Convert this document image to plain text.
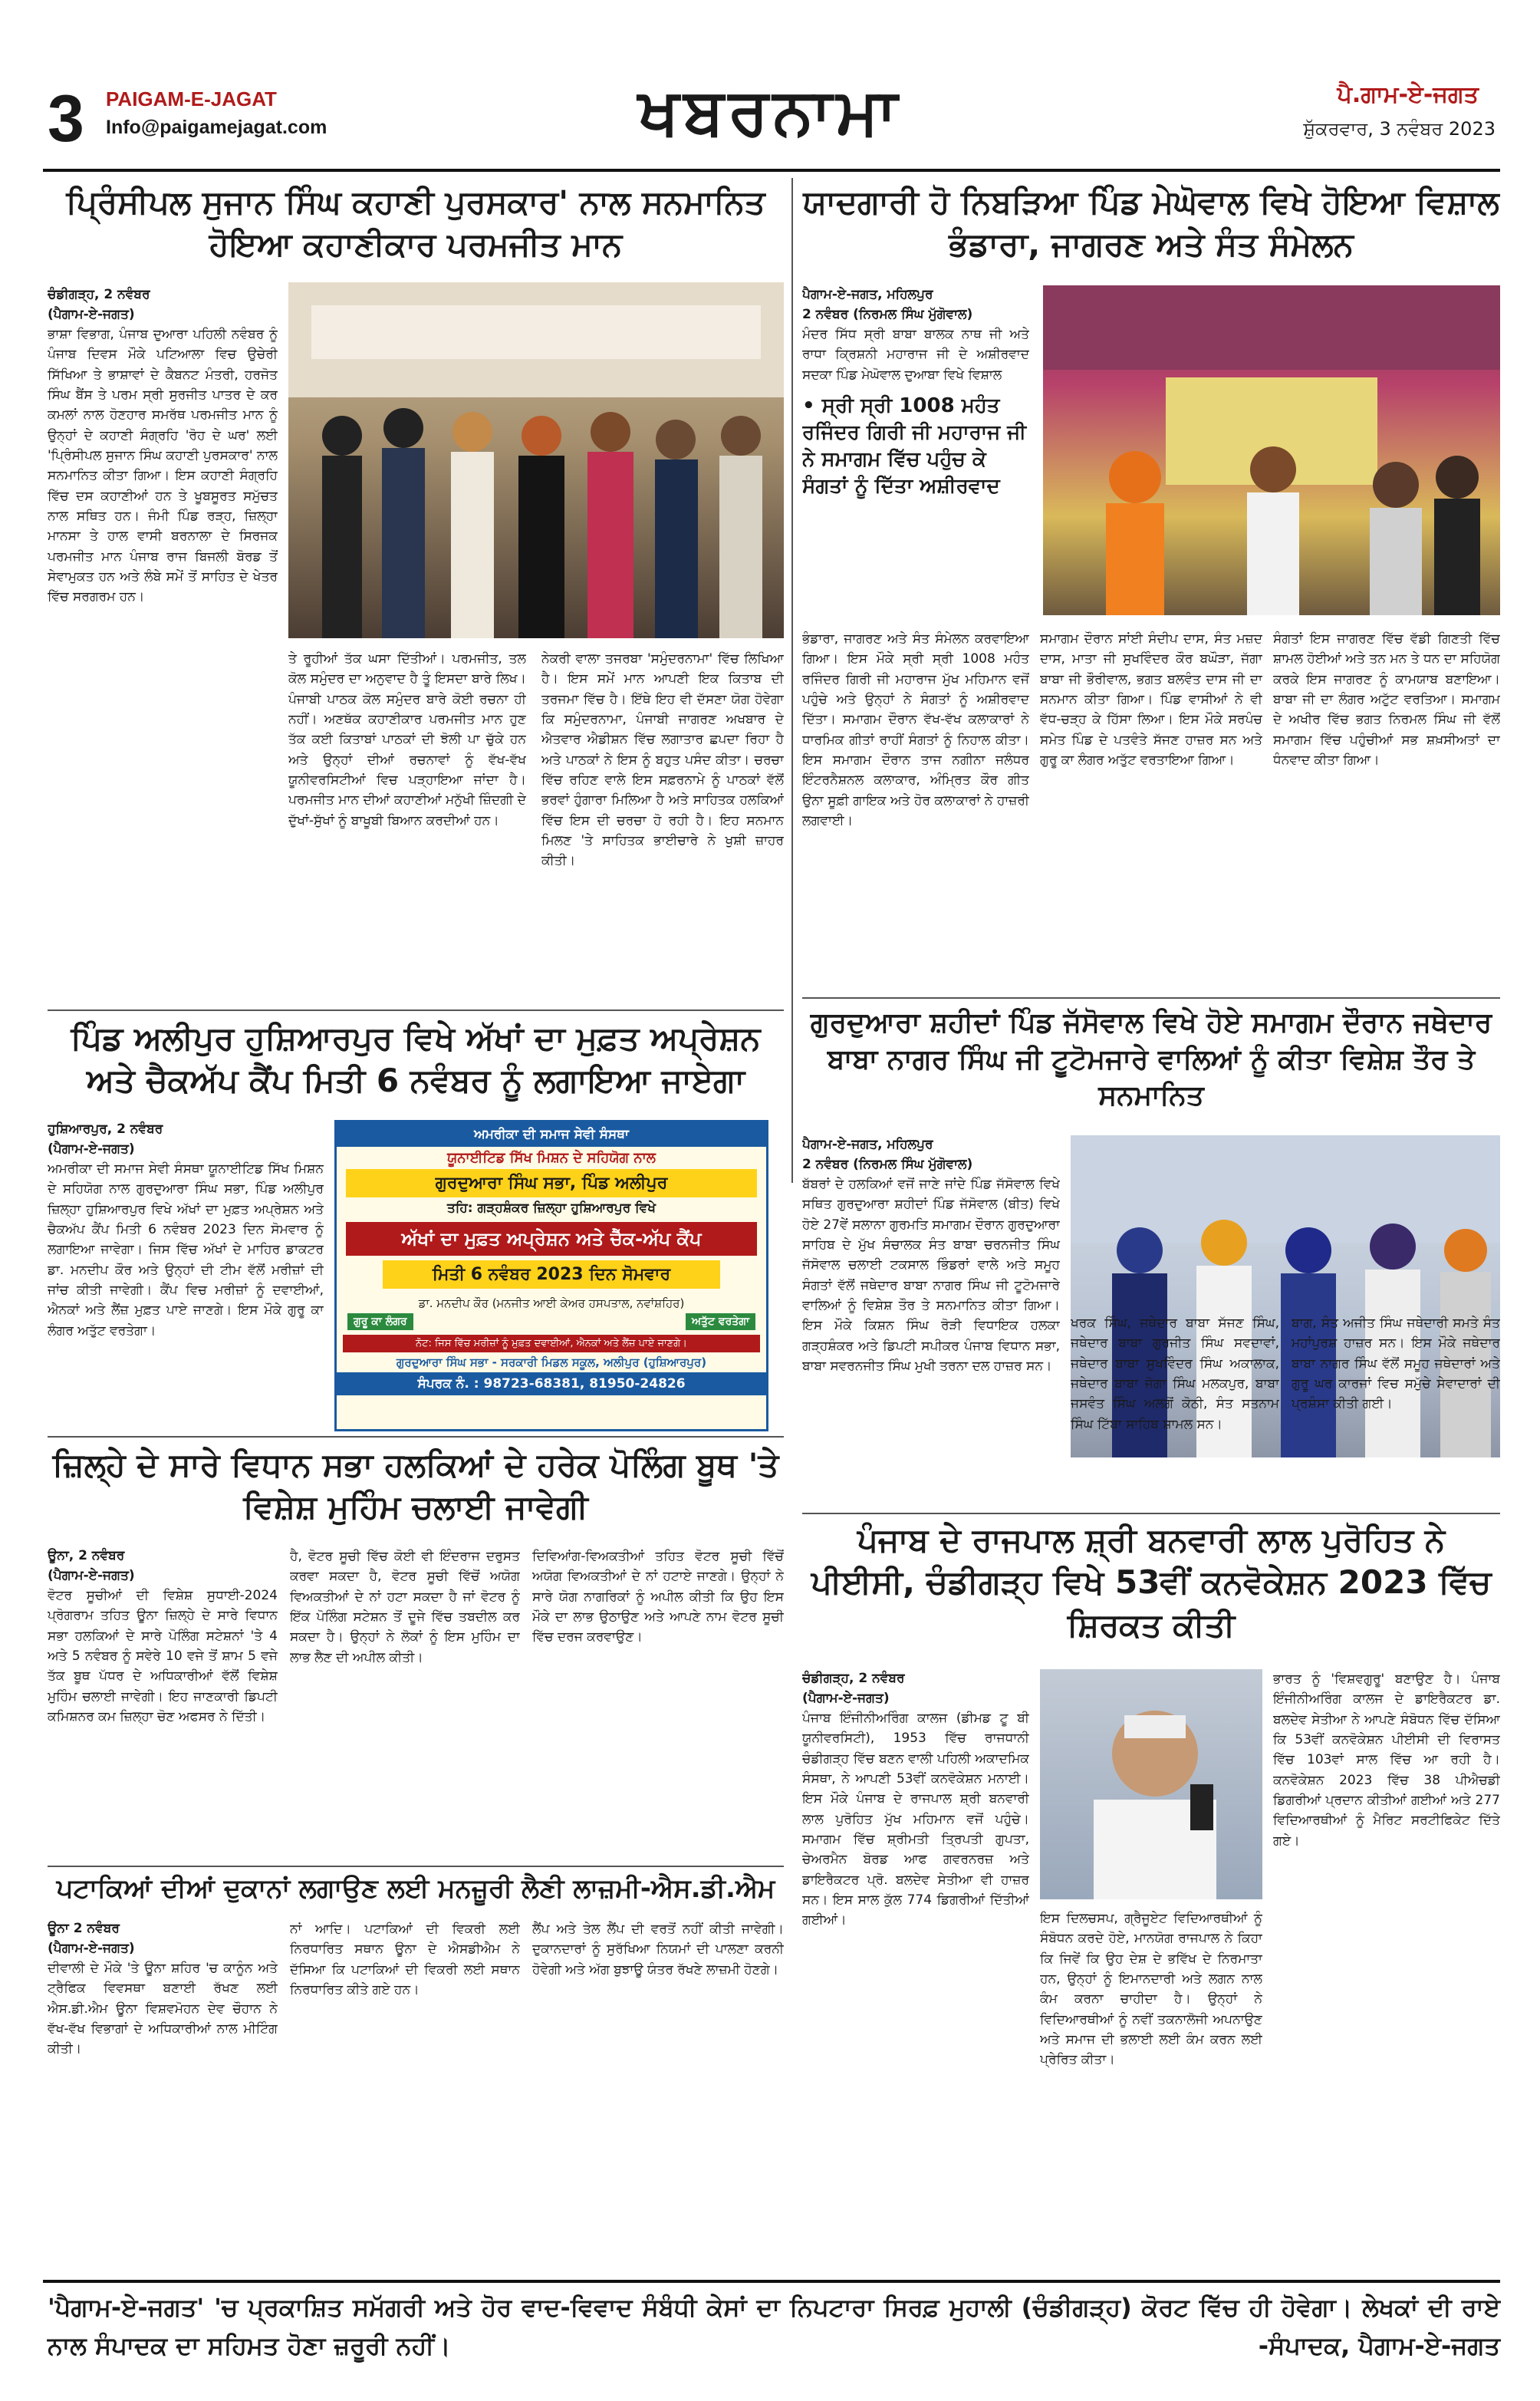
3 PAIGAM-E-JAGAT
Info@paigamejagat.com	ਖਬਰਨਾਮਾ	ਪੈ.ਗਾਮ-ਏ-ਜਗਤ
ਸ਼ੁੱਕਰਵਾਰ, 3 ਨਵੰਬਰ 2023
ਪ੍ਰਿੰਸੀਪਲ ਸੁਜਾਨ ਸਿੰਘ ਕਹਾਣੀ ਪੁਰਸਕਾਰ' ਨਾਲ ਸਨਮਾਨਿਤ ਹੋਇਆ ਕਹਾਣੀਕਾਰ ਪਰਮਜੀਤ ਮਾਨ
ਚੰਡੀਗੜ੍ਹ, 2 ਨਵੰਬਰ
(ਪੈਗਾਮ-ਏ-ਜਗਤ)

ਭਾਸ਼ਾ ਵਿਭਾਗ, ਪੰਜਾਬ ਦੁਆਰਾ ਪਹਿਲੀ ਨਵੰਬਰ ਨੂੰ ਪੰਜਾਬ ਦਿਵਸ ਮੌਕੇ ਪਟਿਆਲਾ ਵਿਚ ਉਚੇਰੀ ਸਿੱਖਿਆ ਤੇ ਭਾਸ਼ਾਵਾਂ ਦੇ ਕੈਬਨਟ ਮੰਤਰੀ, ਹਰਜੋਤ ਸਿੰਘ ਬੈਂਸ ਤੇ ਪਰਮ ਸ੍ਰੀ ਸੁਰਜੀਤ ਪਾਤਰ ਦੇ ਕਰ ਕਮਲਾਂ ਨਾਲ ਹੋਣਹਾਰ ਸਮਰੱਥ ਪਰਮਜੀਤ ਮਾਨ ਨੂੰ ਉਨ੍ਹਾਂ ਦੇ ਕਹਾਣੀ ਸੰਗ੍ਰਹਿ 'ਰੋਹ ਦੇ ਘਰ' ਲਈ 'ਪ੍ਰਿੰਸੀਪਲ ਸੁਜਾਨ ਸਿੰਘ ਕਹਾਣੀ ਪੁਰਸਕਾਰ' ਨਾਲ ਸਨਮਾਨਿਤ ਕੀਤਾ ਗਿਆ। ਇਸ ਕਹਾਣੀ ਸੰਗ੍ਰਹਿ ਵਿੱਚ ਦਸ ਕਹਾਣੀਆਂ ਹਨ ਤੇ ਖੂਬਸੂਰਤ ਸਮੁੱਚਤ ਨਾਲ ਸਥਿਤ ਹਨ। ਜੰਮੀ ਪਿੰਡ ਰੜ੍ਹ, ਜ਼ਿਲ੍ਹਾ ਮਾਨਸਾ ਤੇ ਹਾਲ ਵਾਸੀ ਬਰਨਾਲਾ ਦੇ ਸਿਰਜਕ ਪਰਮਜੀਤ ਮਾਨ ਪੰਜਾਬ ਰਾਜ ਬਿਜਲੀ ਬੋਰਡ ਤੋਂ ਸੇਵਾਮੁਕਤ ਹਨ ਅਤੇ ਲੰਬੇ ਸਮੇਂ ਤੋਂ ਸਾਹਿਤ ਦੇ ਖੇਤਰ ਵਿੱਚ ਸਰਗਰਮ ਹਨ।

ਤੇ ਰੂਹੀਆਂ ਤੱਕ ਘਸਾ ਦਿੱਤੀਆਂ। ਪਰਮਜੀਤ, ਤਲ ਕੋਲ ਸਮੁੰਦਰ ਦਾ ਅਨੁਵਾਦ ਹੈ ਤੂੰ ਇਸਦਾ ਬਾਰੇ ਲਿਖ। ਪੰਜਾਬੀ ਪਾਠਕ ਕੋਲ ਸਮੁੰਦਰ ਬਾਰੇ ਕੋਈ ਰਚਨਾ ਹੀ ਨਹੀਂ। ਅਣਥੱਕ ਕਹਾਣੀਕਾਰ ਪਰਮਜੀਤ ਮਾਨ ਹੁਣ ਤੱਕ ਕਈ ਕਿਤਾਬਾਂ ਪਾਠਕਾਂ ਦੀ ਝੋਲੀ ਪਾ ਚੁੱਕੇ ਹਨ ਅਤੇ ਉਨ੍ਹਾਂ ਦੀਆਂ ਰਚਨਾਵਾਂ ਨੂੰ ਵੱਖ-ਵੱਖ ਯੂਨੀਵਰਸਿਟੀਆਂ ਵਿਚ ਪੜ੍ਹਾਇਆ ਜਾਂਦਾ ਹੈ। ਪਰਮਜੀਤ ਮਾਨ ਦੀਆਂ ਕਹਾਣੀਆਂ ਮਨੁੱਖੀ ਜ਼ਿੰਦਗੀ ਦੇ ਦੁੱਖਾਂ-ਸੁੱਖਾਂ ਨੂੰ ਬਾਖੂਬੀ ਬਿਆਨ ਕਰਦੀਆਂ ਹਨ।

ਨੇਕਰੀ ਵਾਲਾ ਤਜਰਬਾ 'ਸਮੁੰਦਰਨਾਮਾ' ਵਿੱਚ ਲਿਖਿਆ ਹੈ। ਇਸ ਸਮੇਂ ਮਾਨ ਆਪਣੀ ਇਕ ਕਿਤਾਬ ਦੀ ਤਰਜਮਾ ਵਿੱਚ ਹੈ। ਇੱਥੇ ਇਹ ਵੀ ਦੱਸਣਾ ਯੋਗ ਹੋਵੇਗਾ ਕਿ ਸਮੁੰਦਰਨਾਮਾ, ਪੰਜਾਬੀ ਜਾਗਰਣ ਅਖਬਾਰ ਦੇ ਐਤਵਾਰ ਐਡੀਸ਼ਨ ਵਿੱਚ ਲਗਾਤਾਰ ਛਪਦਾ ਰਿਹਾ ਹੈ ਅਤੇ ਪਾਠਕਾਂ ਨੇ ਇਸ ਨੂੰ ਬਹੁਤ ਪਸੰਦ ਕੀਤਾ। ਚਰਚਾ ਵਿੱਚ ਰਹਿਣ ਵਾਲੇ ਇਸ ਸਫ਼ਰਨਾਮੇ ਨੂੰ ਪਾਠਕਾਂ ਵੱਲੋਂ ਭਰਵਾਂ ਹੁੰਗਾਰਾ ਮਿਲਿਆ ਹੈ ਅਤੇ ਸਾਹਿਤਕ ਹਲਕਿਆਂ ਵਿੱਚ ਇਸ ਦੀ ਚਰਚਾ ਹੋ ਰਹੀ ਹੈ। ਇਹ ਸਨਮਾਨ ਮਿਲਣ 'ਤੇ ਸਾਹਿਤਕ ਭਾਈਚਾਰੇ ਨੇ ਖੁਸ਼ੀ ਜ਼ਾਹਰ ਕੀਤੀ।

ਯਾਦਗਾਰੀ ਹੋ ਨਿਬੜਿਆ ਪਿੰਡ ਮੇਘੋਵਾਲ ਵਿਖੇ ਹੋਇਆ ਵਿਸ਼ਾਲ ਭੰਡਾਰਾ, ਜਾਗਰਣ ਅਤੇ ਸੰਤ ਸੰਮੇਲਨ
ਪੈਗਾਮ-ਏ-ਜਗਤ, ਮਹਿਲਪੁਰ
2 ਨਵੰਬਰ (ਨਿਰਮਲ ਸਿੰਘ ਮੁੱਗੋਵਾਲ)

ਮੰਦਰ ਸਿੱਧ ਸ੍ਰੀ ਬਾਬਾ ਬਾਲਕ ਨਾਥ ਜੀ ਅਤੇ ਰਾਧਾ ਕ੍ਰਿਸ਼ਨੀ ਮਹਾਰਾਜ ਜੀ ਦੇ ਅਸ਼ੀਰਵਾਦ ਸਦਕਾ ਪਿੰਡ ਮੇਘੋਵਾਲ ਦੁਆਬਾ ਵਿਖੇ ਵਿਸ਼ਾਲ

• ਸ੍ਰੀ ਸ੍ਰੀ 1008 ਮਹੰਤ ਰਜਿੰਦਰ ਗਿਰੀ ਜੀ ਮਹਾਰਾਜ ਜੀ ਨੇ ਸਮਾਗਮ ਵਿੱਚ ਪਹੁੰਚ ਕੇ ਸੰਗਤਾਂ ਨੂੰ ਦਿੱਤਾ ਅਸ਼ੀਰਵਾਦ

ਭੰਡਾਰਾ, ਜਾਗਰਣ ਅਤੇ ਸੰਤ ਸੰਮੇਲਨ ਕਰਵਾਇਆ ਗਿਆ। ਇਸ ਮੌਕੇ ਸ੍ਰੀ ਸ੍ਰੀ 1008 ਮਹੰਤ ਰਜਿੰਦਰ ਗਿਰੀ ਜੀ ਮਹਾਰਾਜ ਮੁੱਖ ਮਹਿਮਾਨ ਵਜੋਂ ਪਹੁੰਚੇ ਅਤੇ ਉਨ੍ਹਾਂ ਨੇ ਸੰਗਤਾਂ ਨੂੰ ਅਸ਼ੀਰਵਾਦ ਦਿੱਤਾ। ਸਮਾਗਮ ਦੌਰਾਨ ਵੱਖ-ਵੱਖ ਕਲਾਕਾਰਾਂ ਨੇ ਧਾਰਮਿਕ ਗੀਤਾਂ ਰਾਹੀਂ ਸੰਗਤਾਂ ਨੂੰ ਨਿਹਾਲ ਕੀਤਾ। ਇਸ ਸਮਾਗਮ ਦੌਰਾਨ ਤਾਜ ਨਗੀਨਾ ਜਲੰਧਰ ਇੰਟਰਨੈਸ਼ਨਲ ਕਲਾਕਾਰ, ਅੰਮ੍ਰਿਤ ਕੌਰ ਗੀਤ ਉਨਾ ਸੂਫ਼ੀ ਗਾਇਕ ਅਤੇ ਹੋਰ ਕਲਾਕਾਰਾਂ ਨੇ ਹਾਜ਼ਰੀ ਲਗਵਾਈ।

ਸਮਾਗਮ ਦੌਰਾਨ ਸਾਂਈ ਸੰਦੀਪ ਦਾਸ, ਸੰਤ ਮਜ਼ਦ ਦਾਸ, ਮਾਤਾ ਜੀ ਸੁਖਵਿੰਦਰ ਕੌਰ ਬਘੌੜਾ, ਜੱਗਾ ਬਾਬਾ ਜੀ ਭੌਰੀਵਾਲ, ਭਗਤ ਬਲਵੰਤ ਦਾਸ ਜੀ ਦਾ ਸਨਮਾਨ ਕੀਤਾ ਗਿਆ। ਪਿੰਡ ਵਾਸੀਆਂ ਨੇ ਵੀ ਵੱਧ-ਚੜ੍ਹ ਕੇ ਹਿੱਸਾ ਲਿਆ। ਇਸ ਮੌਕੇ ਸਰਪੰਚ ਸਮੇਤ ਪਿੰਡ ਦੇ ਪਤਵੰਤੇ ਸੱਜਣ ਹਾਜ਼ਰ ਸਨ ਅਤੇ ਗੁਰੂ ਕਾ ਲੰਗਰ ਅਤੁੱਟ ਵਰਤਾਇਆ ਗਿਆ।

ਸੰਗਤਾਂ ਇਸ ਜਾਗਰਣ ਵਿੱਚ ਵੱਡੀ ਗਿਣਤੀ ਵਿੱਚ ਸ਼ਾਮਲ ਹੋਈਆਂ ਅਤੇ ਤਨ ਮਨ ਤੇ ਧਨ ਦਾ ਸਹਿਯੋਗ ਕਰਕੇ ਇਸ ਜਾਗਰਣ ਨੂੰ ਕਾਮਯਾਬ ਬਣਾਇਆ। ਬਾਬਾ ਜੀ ਦਾ ਲੰਗਰ ਅਟੁੱਟ ਵਰਤਿਆ। ਸਮਾਗਮ ਦੇ ਅਖੀਰ ਵਿੱਚ ਭਗਤ ਨਿਰਮਲ ਸਿੰਘ ਜੀ ਵੱਲੋਂ ਸਮਾਗਮ ਵਿੱਚ ਪਹੁੰਚੀਆਂ ਸਭ ਸ਼ਖ਼ਸੀਅਤਾਂ ਦਾ ਧੰਨਵਾਦ ਕੀਤਾ ਗਿਆ।

ਪਿੰਡ ਅਲੀਪੁਰ ਹੁਸ਼ਿਆਰਪੁਰ ਵਿਖੇ ਅੱਖਾਂ ਦਾ ਮੁਫ਼ਤ ਅਪ੍ਰੇਸ਼ਨ ਅਤੇ ਚੈਕਅੱਪ ਕੈਂਪ ਮਿਤੀ 6 ਨਵੰਬਰ ਨੂੰ ਲਗਾਇਆ ਜਾਏਗਾ
ਹੁਸ਼ਿਆਰਪੁਰ, 2 ਨਵੰਬਰ
(ਪੈਗਾਮ-ਏ-ਜਗਤ)

ਅਮਰੀਕਾ ਦੀ ਸਮਾਜ ਸੇਵੀ ਸੰਸਥਾ ਯੂਨਾਈਟਿਡ ਸਿੱਖ ਮਿਸ਼ਨ ਦੇ ਸਹਿਯੋਗ ਨਾਲ ਗੁਰਦੁਆਰਾ ਸਿੰਘ ਸਭਾ, ਪਿੰਡ ਅਲੀਪੁਰ ਜ਼ਿਲ੍ਹਾ ਹੁਸ਼ਿਆਰਪੁਰ ਵਿਖੇ ਅੱਖਾਂ ਦਾ ਮੁਫ਼ਤ ਅਪ੍ਰੇਸ਼ਨ ਅਤੇ ਚੈਕਅੱਪ ਕੈਂਪ ਮਿਤੀ 6 ਨਵੰਬਰ 2023 ਦਿਨ ਸੋਮਵਾਰ ਨੂੰ ਲਗਾਇਆ ਜਾਵੇਗਾ। ਜਿਸ ਵਿੱਚ ਅੱਖਾਂ ਦੇ ਮਾਹਿਰ ਡਾਕਟਰ ਡਾ. ਮਨਦੀਪ ਕੌਰ ਅਤੇ ਉਨ੍ਹਾਂ ਦੀ ਟੀਮ ਵੱਲੋਂ ਮਰੀਜ਼ਾਂ ਦੀ ਜਾਂਚ ਕੀਤੀ ਜਾਵੇਗੀ। ਕੈਂਪ ਵਿਚ ਮਰੀਜ਼ਾਂ ਨੂੰ ਦਵਾਈਆਂ, ਐਨਕਾਂ ਅਤੇ ਲੈਂਜ਼ ਮੁਫ਼ਤ ਪਾਏ ਜਾਣਗੇ। ਇਸ ਮੌਕੇ ਗੁਰੂ ਕਾ ਲੰਗਰ ਅਤੁੱਟ ਵਰਤੇਗਾ।

ਅਮਰੀਕਾ ਦੀ ਸਮਾਜ ਸੇਵੀ ਸੰਸਥਾ
ਯੂਨਾਈਟਿਡ ਸਿੱਖ ਮਿਸ਼ਨ ਦੇ ਸਹਿਯੋਗ ਨਾਲ
ਗੁਰਦੁਆਰਾ ਸਿੰਘ ਸਭਾ, ਪਿੰਡ ਅਲੀਪੁਰ
ਤਹਿ: ਗੜ੍ਹਸ਼ੰਕਰ ਜ਼ਿਲ੍ਹਾ ਹੁਸ਼ਿਆਰਪੁਰ ਵਿਖੇ
ਅੱਖਾਂ ਦਾ ਮੁਫ਼ਤ ਅਪ੍ਰੇਸ਼ਨ ਅਤੇ ਚੈੱਕ-ਅੱਪ ਕੈਂਪ
ਮਿਤੀ 6 ਨਵੰਬਰ 2023 ਦਿਨ ਸੋਮਵਾਰ
ਡਾ. ਮਨਦੀਪ ਕੌਰ (ਮਨਜੀਤ ਆਈ ਕੇਅਰ ਹਸਪਤਾਲ, ਨਵਾਂਸ਼ਹਿਰ)
ਗੁਰੂ ਕਾ ਲੰਗਰ	ਅਤੁੱਟ ਵਰਤੇਗਾ
ਨੋਟ: ਜਿਸ ਵਿੱਚ ਮਰੀਜ਼ਾਂ ਨੂੰ ਮੁਫ਼ਤ ਦਵਾਈਆਂ, ਐਨਕਾਂ ਅਤੇ ਲੈਂਜ਼ ਪਾਏ ਜਾਣਗੇ।
ਗੁਰਦੁਆਰਾ ਸਿੰਘ ਸਭਾ - ਸਰਕਾਰੀ ਮਿਡਲ ਸਕੂਲ, ਅਲੀਪੁਰ (ਹੁਸ਼ਿਆਰਪੁਰ)
ਸੰਪਰਕ ਨੰ. : 98723-68381, 81950-24826
ਜ਼ਿਲ੍ਹੇ ਦੇ ਸਾਰੇ ਵਿਧਾਨ ਸਭਾ ਹਲਕਿਆਂ ਦੇ ਹਰੇਕ ਪੋਲਿੰਗ ਬੂਥ 'ਤੇ ਵਿਸ਼ੇਸ਼ ਮੁਹਿੰਮ ਚਲਾਈ ਜਾਵੇਗੀ
ਊਨਾ, 2 ਨਵੰਬਰ
(ਪੈਗਾਮ-ਏ-ਜਗਤ)

ਵੋਟਰ ਸੂਚੀਆਂ ਦੀ ਵਿਸ਼ੇਸ਼ ਸੁਧਾਈ-2024 ਪ੍ਰੋਗਰਾਮ ਤਹਿਤ ਊਨਾ ਜ਼ਿਲ੍ਹੇ ਦੇ ਸਾਰੇ ਵਿਧਾਨ ਸਭਾ ਹਲਕਿਆਂ ਦੇ ਸਾਰੇ ਪੋਲਿੰਗ ਸਟੇਸ਼ਨਾਂ 'ਤੇ 4 ਅਤੇ 5 ਨਵੰਬਰ ਨੂੰ ਸਵੇਰੇ 10 ਵਜੇ ਤੋਂ ਸ਼ਾਮ 5 ਵਜੇ ਤੱਕ ਬੂਥ ਪੱਧਰ ਦੇ ਅਧਿਕਾਰੀਆਂ ਵੱਲੋਂ ਵਿਸ਼ੇਸ਼ ਮੁਹਿੰਮ ਚਲਾਈ ਜਾਵੇਗੀ। ਇਹ ਜਾਣਕਾਰੀ ਡਿਪਟੀ ਕਮਿਸ਼ਨਰ ਕਮ ਜ਼ਿਲ੍ਹਾ ਚੋਣ ਅਫਸਰ ਨੇ ਦਿੱਤੀ।

ਹੈ, ਵੋਟਰ ਸੂਚੀ ਵਿੱਚ ਕੋਈ ਵੀ ਇੰਦਰਾਜ ਦਰੁਸਤ ਕਰਵਾ ਸਕਦਾ ਹੈ, ਵੋਟਰ ਸੂਚੀ ਵਿੱਚੋਂ ਅਯੋਗ ਵਿਅਕਤੀਆਂ ਦੇ ਨਾਂ ਹਟਾ ਸਕਦਾ ਹੈ ਜਾਂ ਵੋਟਰ ਨੂੰ ਇੱਕ ਪੋਲਿੰਗ ਸਟੇਸ਼ਨ ਤੋਂ ਦੂਜੇ ਵਿੱਚ ਤਬਦੀਲ ਕਰ ਸਕਦਾ ਹੈ। ਉਨ੍ਹਾਂ ਨੇ ਲੋਕਾਂ ਨੂੰ ਇਸ ਮੁਹਿੰਮ ਦਾ ਲਾਭ ਲੈਣ ਦੀ ਅਪੀਲ ਕੀਤੀ।

ਦਿਵਿਆਂਗ-ਵਿਅਕਤੀਆਂ ਤਹਿਤ ਵੋਟਰ ਸੂਚੀ ਵਿੱਚੋਂ ਅਯੋਗ ਵਿਅਕਤੀਆਂ ਦੇ ਨਾਂ ਹਟਾਏ ਜਾਣਗੇ। ਉਨ੍ਹਾਂ ਨੇ ਸਾਰੇ ਯੋਗ ਨਾਗਰਿਕਾਂ ਨੂੰ ਅਪੀਲ ਕੀਤੀ ਕਿ ਉਹ ਇਸ ਮੌਕੇ ਦਾ ਲਾਭ ਉਠਾਉਣ ਅਤੇ ਆਪਣੇ ਨਾਮ ਵੋਟਰ ਸੂਚੀ ਵਿੱਚ ਦਰਜ ਕਰਵਾਉਣ।

ਪਟਾਕਿਆਂ ਦੀਆਂ ਦੁਕਾਨਾਂ ਲਗਾਉਣ ਲਈ ਮਨਜ਼ੂਰੀ ਲੈਣੀ ਲਾਜ਼ਮੀ-ਐਸ.ਡੀ.ਐਮ
ਊਨਾ 2 ਨਵੰਬਰ
(ਪੈਗਾਮ-ਏ-ਜਗਤ)

ਦੀਵਾਲੀ ਦੇ ਮੌਕੇ 'ਤੇ ਊਨਾ ਸ਼ਹਿਰ 'ਚ ਕਾਨੂੰਨ ਅਤੇ ਟ੍ਰੈਫਿਕ ਵਿਵਸਥਾ ਬਣਾਈ ਰੱਖਣ ਲਈ ਐਸ.ਡੀ.ਐਮ ਊਨਾ ਵਿਸ਼ਵਮੋਹਨ ਦੇਵ ਚੌਹਾਨ ਨੇ ਵੱਖ-ਵੱਖ ਵਿਭਾਗਾਂ ਦੇ ਅਧਿਕਾਰੀਆਂ ਨਾਲ ਮੀਟਿੰਗ ਕੀਤੀ।

ਨਾਂ ਆਦਿ। ਪਟਾਕਿਆਂ ਦੀ ਵਿਕਰੀ ਲਈ ਨਿਰਧਾਰਿਤ ਸਥਾਨ ਊਨਾ ਦੇ ਐਸਡੀਐਮ ਨੇ ਦੱਸਿਆ ਕਿ ਪਟਾਕਿਆਂ ਦੀ ਵਿਕਰੀ ਲਈ ਸਥਾਨ ਨਿਰਧਾਰਿਤ ਕੀਤੇ ਗਏ ਹਨ।

ਲੈਂਪ ਅਤੇ ਤੇਲ ਲੈਂਪ ਦੀ ਵਰਤੋਂ ਨਹੀਂ ਕੀਤੀ ਜਾਵੇਗੀ। ਦੁਕਾਨਦਾਰਾਂ ਨੂੰ ਸੁਰੱਖਿਆ ਨਿਯਮਾਂ ਦੀ ਪਾਲਣਾ ਕਰਨੀ ਹੋਵੇਗੀ ਅਤੇ ਅੱਗ ਬੁਝਾਊ ਯੰਤਰ ਰੱਖਣੇ ਲਾਜ਼ਮੀ ਹੋਣਗੇ।

ਗੁਰਦੁਆਰਾ ਸ਼ਹੀਦਾਂ ਪਿੰਡ ਜੱਸੋਵਾਲ ਵਿਖੇ ਹੋਏ ਸਮਾਗਮ ਦੌਰਾਨ ਜਥੇਦਾਰ ਬਾਬਾ ਨਾਗਰ ਸਿੰਘ ਜੀ ਟੂਟੋਮਜਾਰੇ ਵਾਲਿਆਂ ਨੂੰ ਕੀਤਾ ਵਿਸ਼ੇਸ਼ ਤੌਰ ਤੇ ਸਨਮਾਨਿਤ
ਪੈਗਾਮ-ਏ-ਜਗਤ, ਮਹਿਲਪੁਰ
2 ਨਵੰਬਰ (ਨਿਰਮਲ ਸਿੰਘ ਮੁੱਗੋਵਾਲ)

ਬੱਬਰਾਂ ਦੇ ਹਲਕਿਆਂ ਵਜੋਂ ਜਾਣੇ ਜਾਂਦੇ ਪਿੰਡ ਜੱਸੋਵਾਲ ਵਿਖੇ ਸਥਿਤ ਗੁਰਦੁਆਰਾ ਸ਼ਹੀਦਾਂ ਪਿੰਡ ਜੱਸੋਵਾਲ (ਬੀਤ) ਵਿਖੇ ਹੋਏ 27ਵੇਂ ਸਲਾਨਾ ਗੁਰਮਤਿ ਸਮਾਗਮ ਦੌਰਾਨ ਗੁਰਦੁਆਰਾ ਸਾਹਿਬ ਦੇ ਮੁੱਖ ਸੰਚਾਲਕ ਸੰਤ ਬਾਬਾ ਚਰਨਜੀਤ ਸਿੰਘ ਜੱਸੋਵਾਲ ਚਲਾਈ ਟਕਸਾਲ ਭਿੰਡਰਾਂ ਵਾਲੇ ਅਤੇ ਸਮੂਹ ਸੰਗਤਾਂ ਵੱਲੋਂ ਜਥੇਦਾਰ ਬਾਬਾ ਨਾਗਰ ਸਿੰਘ ਜੀ ਟੂਟੋਮਜਾਰੇ ਵਾਲਿਆਂ ਨੂੰ ਵਿਸ਼ੇਸ਼ ਤੌਰ ਤੇ ਸਨਮਾਨਿਤ ਕੀਤਾ ਗਿਆ। ਇਸ ਮੌਕੇ ਕਿਸ਼ਨ ਸਿੰਘ ਰੋੜੀ ਵਿਧਾਇਕ ਹਲਕਾ ਗੜ੍ਹਸ਼ੰਕਰ ਅਤੇ ਡਿਪਟੀ ਸਪੀਕਰ ਪੰਜਾਬ ਵਿਧਾਨ ਸਭਾ, ਬਾਬਾ ਸਵਰਨਜੀਤ ਸਿੰਘ ਮੁਖੀ ਤਰਨਾ ਦਲ ਹਾਜ਼ਰ ਸਨ।

ਖਰਕ ਸਿੰਘ, ਜਥੇਦਾਰ ਬਾਬਾ ਸੱਜਣ ਸਿੰਘ, ਜਥੇਦਾਰ ਬਾਬਾ ਗੁਰਜੀਤ ਸਿੰਘ ਸਵਦਾਵਾਂ, ਜਥੇਦਾਰ ਬਾਬਾ ਸੁਖਵਿੰਦਰ ਸਿੰਘ ਅਕਾਲਾਕ, ਜਥੇਦਾਰ ਬਾਬਾ ਜੋਗਾ ਸਿੰਘ ਮਲਕਪੁਰ, ਬਾਬਾ ਜਸਵੰਤ ਸਿੰਘ ਅਲਗੋਂ ਕੋਠੀ, ਸੰਤ ਸਤਨਾਮ ਸਿੰਘ ਟਿੱਬਾ ਸਾਹਿਬ ਸ਼ਾਮਲ ਸਨ।

ਬਾਗ, ਸੰਤ ਅਜੀਤ ਸਿੰਘ ਜਥੇਦਾਰੀ ਸਮਤੇ ਸੰਤ ਮਹਾਂਪੁਰਸ਼ ਹਾਜ਼ਰ ਸਨ। ਇਸ ਮੌਕੇ ਜਥੇਦਾਰ ਬਾਬਾ ਨਾਗਰ ਸਿੰਘ ਵੱਲੋਂ ਸਮੂਹ ਜਥੇਦਾਰਾਂ ਅਤੇ ਗੁਰੂ ਘਰ ਕਾਰਜਾਂ ਵਿਚ ਸਮੁੱਚੇ ਸੇਵਾਦਾਰਾਂ ਦੀ ਪ੍ਰਸ਼ੰਸਾ ਕੀਤੀ ਗਈ।

ਪੰਜਾਬ ਦੇ ਰਾਜਪਾਲ ਸ਼੍ਰੀ ਬਨਵਾਰੀ ਲਾਲ ਪੁਰੋਹਿਤ ਨੇ ਪੀਈਸੀ, ਚੰਡੀਗੜ੍ਹ ਵਿਖੇ 53ਵੀਂ ਕਨਵੋਕੇਸ਼ਨ 2023 ਵਿੱਚ ਸ਼ਿਰਕਤ ਕੀਤੀ
ਚੰਡੀਗੜ੍ਹ, 2 ਨਵੰਬਰ
(ਪੈਗਾਮ-ਏ-ਜਗਤ)

ਪੰਜਾਬ ਇੰਜੀਨੀਅਰਿੰਗ ਕਾਲਜ (ਡੀਮਡ ਟੂ ਬੀ ਯੂਨੀਵਰਸਿਟੀ), 1953 ਵਿੱਚ ਰਾਜਧਾਨੀ ਚੰਡੀਗੜ੍ਹ ਵਿੱਚ ਬਣਨ ਵਾਲੀ ਪਹਿਲੀ ਅਕਾਦਮਿਕ ਸੰਸਥਾ, ਨੇ ਆਪਣੀ 53ਵੀਂ ਕਨਵੋਕੇਸ਼ਨ ਮਨਾਈ। ਇਸ ਮੌਕੇ ਪੰਜਾਬ ਦੇ ਰਾਜਪਾਲ ਸ਼੍ਰੀ ਬਨਵਾਰੀ ਲਾਲ ਪੁਰੋਹਿਤ ਮੁੱਖ ਮਹਿਮਾਨ ਵਜੋਂ ਪਹੁੰਚੇ। ਸਮਾਗਮ ਵਿੱਚ ਸ਼੍ਰੀਮਤੀ ਤ੍ਰਿਪਤੀ ਗੁਪਤਾ, ਚੇਅਰਮੈਨ ਬੋਰਡ ਆਫ ਗਵਰਨਰਜ਼ ਅਤੇ ਡਾਇਰੈਕਟਰ ਪ੍ਰੋ. ਬਲਦੇਵ ਸੇਤੀਆ ਵੀ ਹਾਜ਼ਰ ਸਨ। ਇਸ ਸਾਲ ਕੁੱਲ 774 ਡਿਗਰੀਆਂ ਦਿੱਤੀਆਂ ਗਈਆਂ।	ਇਸ ਦਿਲਚਸਪ, ਗ੍ਰੈਜੂਏਟ ਵਿਦਿਆਰਥੀਆਂ ਨੂੰ ਸੰਬੋਧਨ ਕਰਦੇ ਹੋਏ, ਮਾਨਯੋਗ ਰਾਜਪਾਲ ਨੇ ਕਿਹਾ ਕਿ ਜਿਵੇਂ ਕਿ ਉਹ ਦੇਸ਼ ਦੇ ਭਵਿੱਖ ਦੇ ਨਿਰਮਾਤਾ ਹਨ, ਉਨ੍ਹਾਂ ਨੂੰ ਇਮਾਨਦਾਰੀ ਅਤੇ ਲਗਨ ਨਾਲ ਕੰਮ ਕਰਨਾ ਚਾਹੀਦਾ ਹੈ। ਉਨ੍ਹਾਂ ਨੇ ਵਿਦਿਆਰਥੀਆਂ ਨੂੰ ਨਵੀਂ ਤਕਨਾਲੋਜੀ ਅਪਨਾਉਣ ਅਤੇ ਸਮਾਜ ਦੀ ਭਲਾਈ ਲਈ ਕੰਮ ਕਰਨ ਲਈ ਪ੍ਰੇਰਿਤ ਕੀਤਾ।

ਭਾਰਤ ਨੂੰ 'ਵਿਸ਼ਵਗੁਰੂ' ਬਣਾਉਣ ਹੈ। ਪੰਜਾਬ ਇੰਜੀਨੀਅਰਿੰਗ ਕਾਲਜ ਦੇ ਡਾਇਰੈਕਟਰ ਡਾ. ਬਲਦੇਵ ਸੇਤੀਆ ਨੇ ਆਪਣੇ ਸੰਬੋਧਨ ਵਿੱਚ ਦੱਸਿਆ ਕਿ 53ਵੀਂ ਕਨਵੋਕੇਸ਼ਨ ਪੀਈਸੀ ਦੀ ਵਿਰਾਸਤ ਵਿੱਚ 103ਵਾਂ ਸਾਲ ਵਿੱਚ ਆ ਰਹੀ ਹੈ। ਕਨਵੋਕੇਸ਼ਨ 2023 ਵਿੱਚ 38 ਪੀਐਚਡੀ ਡਿਗਰੀਆਂ ਪ੍ਰਦਾਨ ਕੀਤੀਆਂ ਗਈਆਂ ਅਤੇ 277 ਵਿਦਿਆਰਥੀਆਂ ਨੂੰ ਮੈਰਿਟ ਸਰਟੀਫਿਕੇਟ ਦਿੱਤੇ ਗਏ।

'ਪੈਗਾਮ-ਏ-ਜਗਤ' 'ਚ ਪ੍ਰਕਾਸ਼ਿਤ ਸਮੱਗਰੀ ਅਤੇ ਹੋਰ ਵਾਦ-ਵਿਵਾਦ ਸੰਬੰਧੀ ਕੇਸਾਂ ਦਾ ਨਿਪਟਾਰਾ ਸਿਰਫ਼ ਮੁਹਾਲੀ (ਚੰਡੀਗੜ੍ਹ) ਕੋਰਟ ਵਿੱਚ ਹੀ ਹੋਵੇਗਾ। ਲੇਖਕਾਂ ਦੀ ਰਾਏ ਨਾਲ ਸੰਪਾਦਕ ਦਾ ਸਹਿਮਤ ਹੋਣਾ ਜ਼ਰੂਰੀ ਨਹੀਂ।	-ਸੰਪਾਦਕ, ਪੈਗਾਮ-ਏ-ਜਗਤ
